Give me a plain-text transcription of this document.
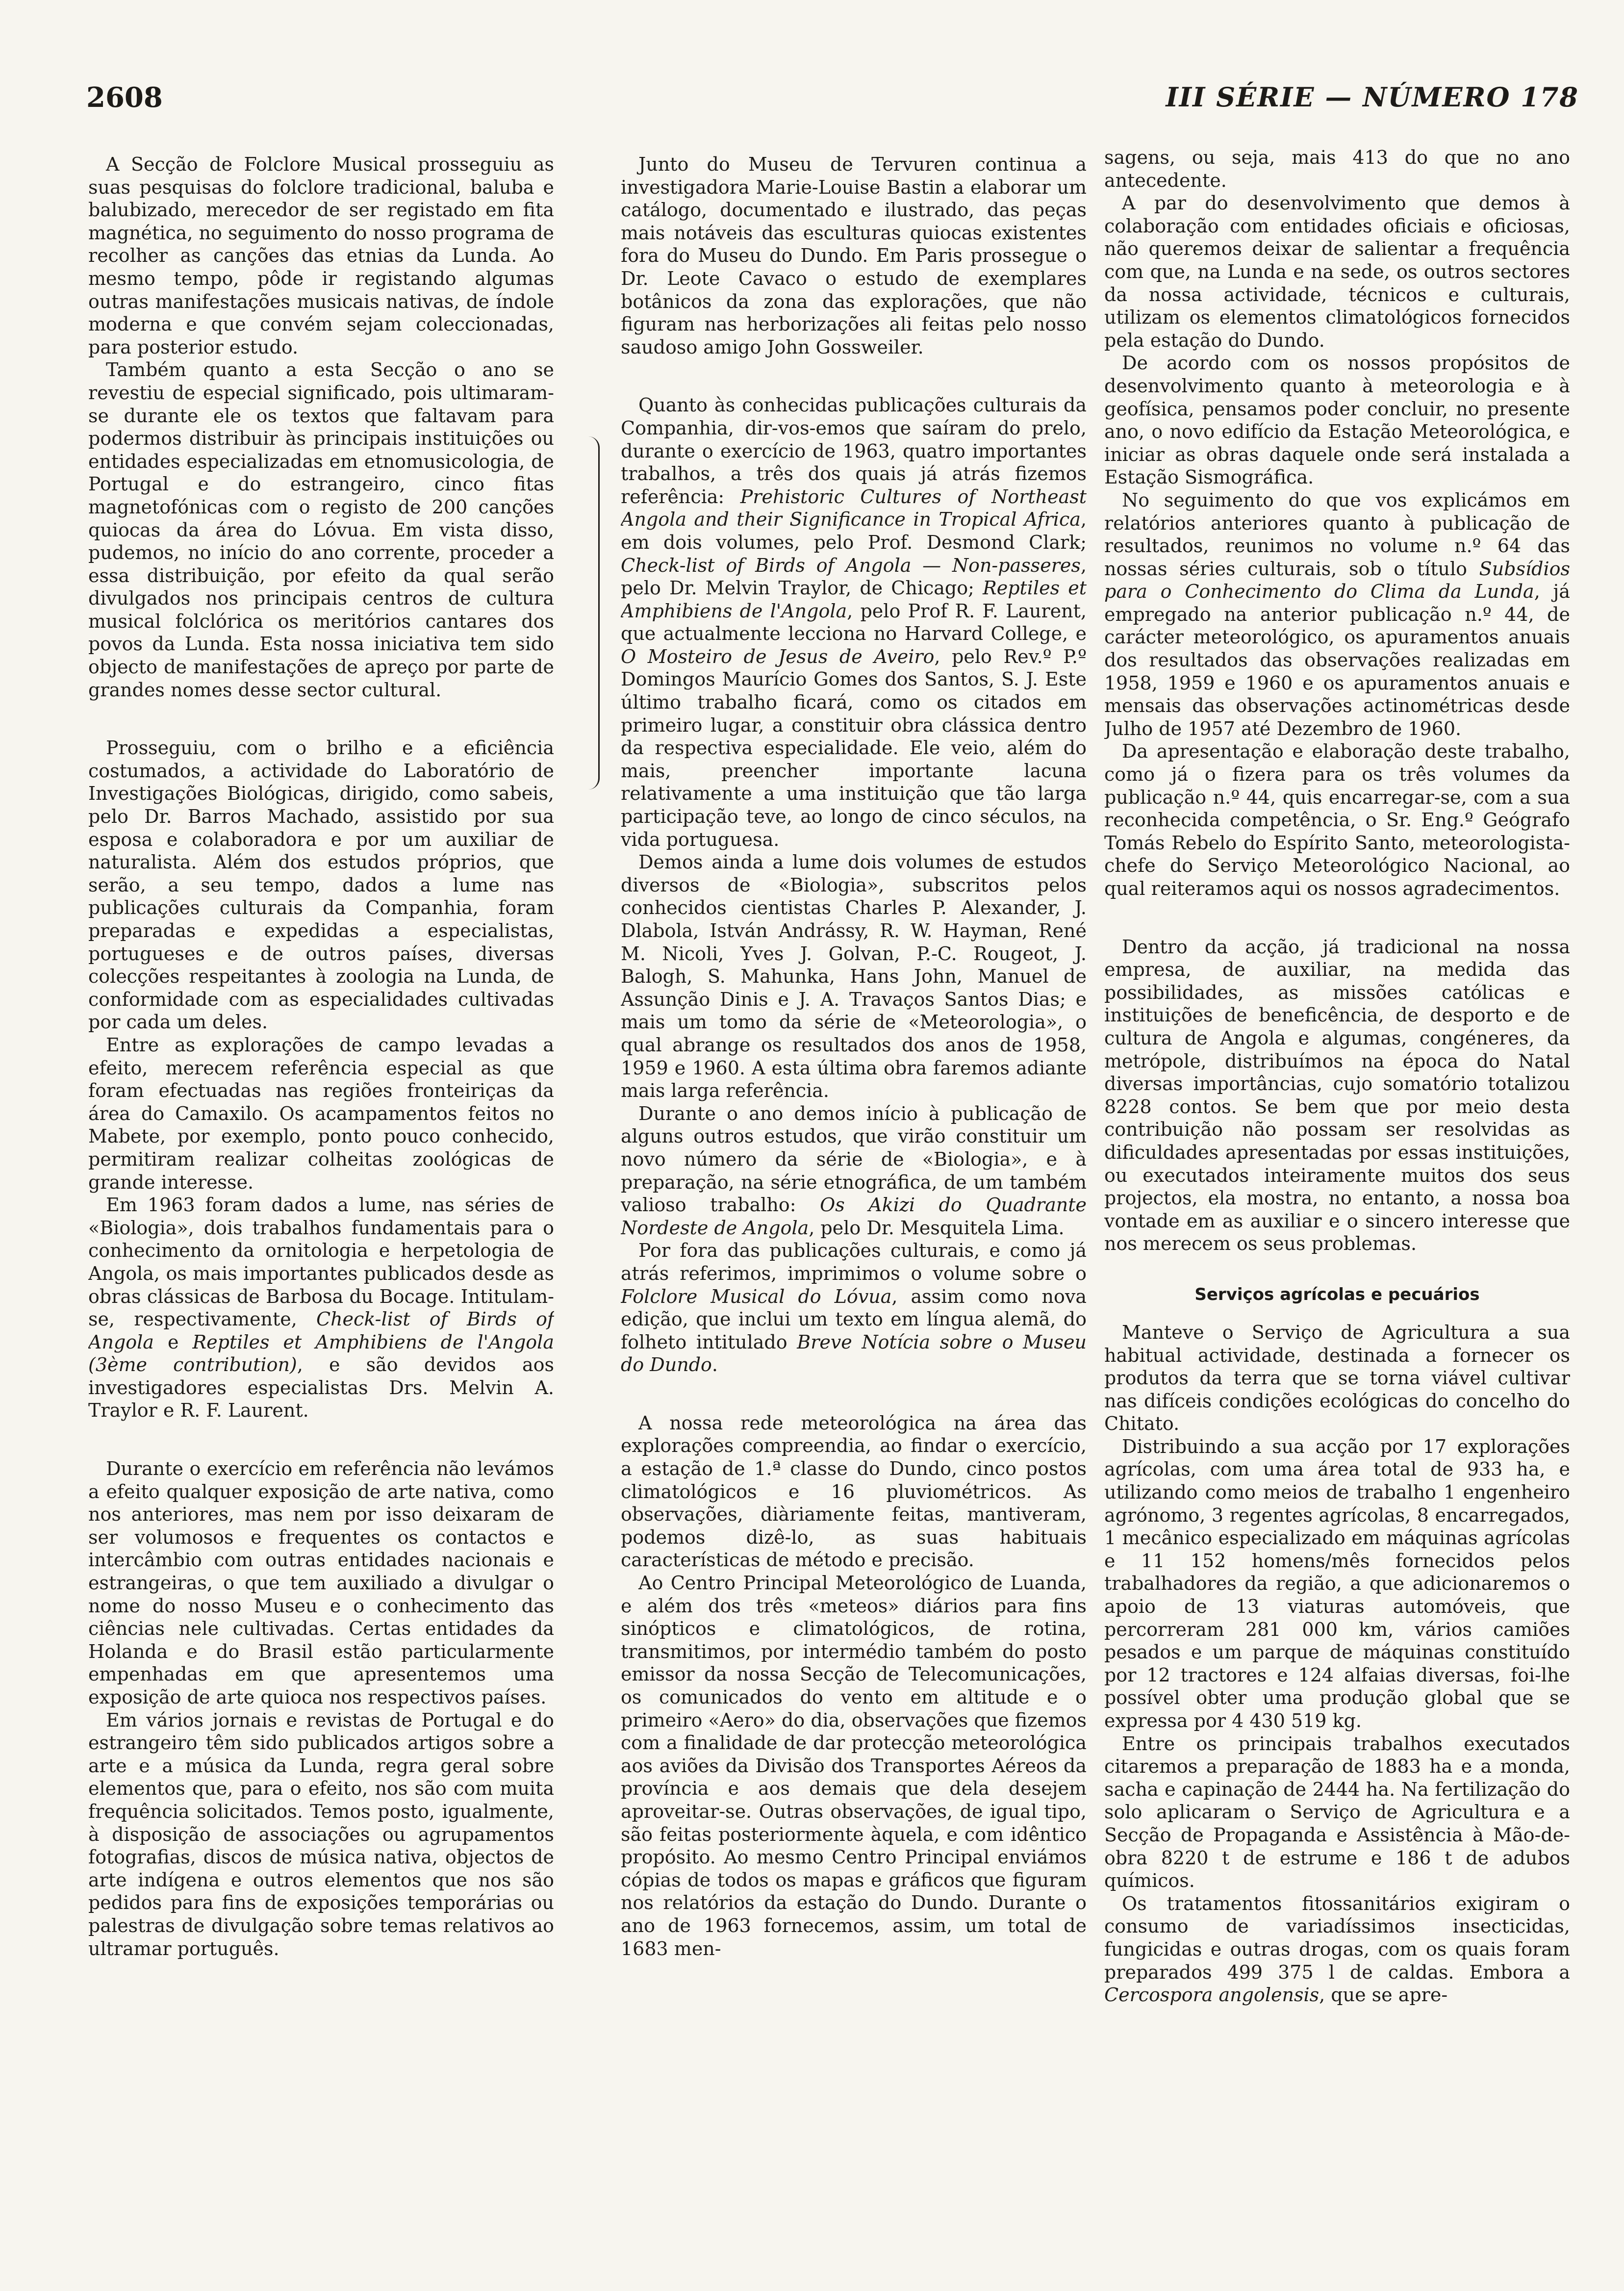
2608	III SÉRIE — NÚMERO 178

A Secção de Folclore Musical prosseguiu as suas pesquisas do folclore tradicional, baluba e balubizado, merecedor de ser registado em fita magnética, no seguimento do nosso programa de recolher as canções das etnias da Lunda. Ao mesmo tempo, pôde ir registando algumas outras manifestações musicais nativas, de índole moderna e que convém sejam coleccionadas, para posterior estudo.

Também quanto a esta Secção o ano se revestiu de especial significado, pois ultimaram-se durante ele os textos que faltavam para podermos distribuir às principais instituições ou entidades especializadas em etnomusicologia, de Portugal e do estrangeiro, cinco fitas magnetofónicas com o registo de 200 canções quiocas da área do Lóvua. Em vista disso, pudemos, no início do ano corrente, proceder a essa distribuição, por efeito da qual serão divulgados nos principais centros de cultura musical folclórica os meritórios cantares dos povos da Lunda. Esta nossa iniciativa tem sido objecto de manifestações de apreço por parte de grandes nomes desse sector cultural.

Prosseguiu, com o brilho e a eficiência costumados, a actividade do Laboratório de Investigações Biológicas, dirigido, como sabeis, pelo Dr. Barros Machado, assistido por sua esposa e colaboradora e por um auxiliar de naturalista. Além dos estudos próprios, que serão, a seu tempo, dados a lume nas publicações culturais da Companhia, foram preparadas e expedidas a especialistas, portugueses e de outros países, diversas colecções respeitantes à zoologia na Lunda, de conformidade com as especialidades cultivadas por cada um deles.

Entre as explorações de campo levadas a efeito, merecem referência especial as que foram efectuadas nas regiões fronteiriças da área do Camaxilo. Os acampamentos feitos no Mabete, por exemplo, ponto pouco conhecido, permitiram realizar colheitas zoológicas de grande interesse.

Em 1963 foram dados a lume, nas séries de «Biologia», dois trabalhos fundamentais para o conhecimento da ornitologia e herpetologia de Angola, os mais importantes publicados desde as obras clássicas de Barbosa du Bocage. Intitulam-se, respectivamente, Check-list of Birds of Angola e Reptiles et Amphibiens de l'Angola (3ème contribution), e são devidos aos investigadores especialistas Drs. Melvin A. Traylor e R. F. Laurent.

Durante o exercício em referência não levámos a efeito qualquer exposição de arte nativa, como nos anteriores, mas nem por isso deixaram de ser volumosos e frequentes os contactos e intercâmbio com outras entidades nacionais e estrangeiras, o que tem auxiliado a divulgar o nome do nosso Museu e o conhecimento das ciências nele cultivadas. Certas entidades da Holanda e do Brasil estão particularmente empenhadas em que apresentemos uma exposição de arte quioca nos respectivos países.

Em vários jornais e revistas de Portugal e do estrangeiro têm sido publicados artigos sobre a arte e a música da Lunda, regra geral sobre elementos que, para o efeito, nos são com muita frequência solicitados. Temos posto, igualmente, à disposição de associações ou agrupamentos fotografias, discos de música nativa, objectos de arte indígena e outros elementos que nos são pedidos para fins de exposições temporárias ou palestras de divulgação sobre temas relativos ao ultramar português.

Junto do Museu de Tervuren continua a investigadora Marie-Louise Bastin a elaborar um catálogo, documentado e ilustrado, das peças mais notáveis das esculturas quiocas existentes fora do Museu do Dundo. Em Paris prossegue o Dr. Leote Cavaco o estudo de exemplares botânicos da zona das explorações, que não figuram nas herborizações ali feitas pelo nosso saudoso amigo John Gossweiler.

Quanto às conhecidas publicações culturais da Companhia, dir-vos-emos que saíram do prelo, durante o exercício de 1963, quatro importantes trabalhos, a três dos quais já atrás fizemos referência: Prehistoric Cultures of Northeast Angola and their Significance in Tropical Africa, em dois volumes, pelo Prof. Desmond Clark; Check-list of Birds of Angola — Non-passeres, pelo Dr. Melvin Traylor, de Chicago; Reptiles et Amphibiens de l'Angola, pelo Prof R. F. Laurent, que actualmente lecciona no Harvard College, e O Mosteiro de Jesus de Aveiro, pelo Rev.º P.º Domingos Maurício Gomes dos Santos, S. J. Este último trabalho ficará, como os citados em primeiro lugar, a constituir obra clássica dentro da respectiva especialidade. Ele veio, além do mais, preencher importante lacuna relativamente a uma instituição que tão larga participação teve, ao longo de cinco séculos, na vida portuguesa.

Demos ainda a lume dois volumes de estudos diversos de «Biologia», subscritos pelos conhecidos cientistas Charles P. Alexander, J. Dlabola, István Andrássy, R. W. Hayman, René M. Nicoli, Yves J. Golvan, P.-C. Rougeot, J. Balogh, S. Mahunka, Hans John, Manuel de Assunção Dinis e J. A. Travaços Santos Dias; e mais um tomo da série de «Meteorologia», o qual abrange os resultados dos anos de 1958, 1959 e 1960. A esta última obra faremos adiante mais larga referência.

Durante o ano demos início à publicação de alguns outros estudos, que virão constituir um novo número da série de «Biologia», e à preparação, na série etnográfica, de um também valioso trabalho: Os Akizi do Quadrante Nordeste de Angola, pelo Dr. Mesquitela Lima.

Por fora das publicações culturais, e como já atrás referimos, imprimimos o volume sobre o Folclore Musical do Lóvua, assim como nova edição, que inclui um texto em língua alemã, do folheto intitulado Breve Notícia sobre o Museu do Dundo.

A nossa rede meteorológica na área das explorações compreendia, ao findar o exercício, a estação de 1.ª classe do Dundo, cinco postos climatológicos e 16 pluviométricos. As observações, diàriamente feitas, mantiveram, podemos dizê-lo, as suas habituais características de método e precisão.

Ao Centro Principal Meteorológico de Luanda, e além dos três «meteos» diários para fins sinópticos e climatológicos, de rotina, transmitimos, por intermédio também do posto emissor da nossa Secção de Telecomunicações, os comunicados do vento em altitude e o primeiro «Aero» do dia, observações que fizemos com a finalidade de dar protecção meteorológica aos aviões da Divisão dos Transportes Aéreos da província e aos demais que dela desejem aproveitar-se. Outras observações, de igual tipo, são feitas posteriormente àquela, e com idêntico propósito. Ao mesmo Centro Principal enviámos cópias de todos os mapas e gráficos que figuram nos relatórios da estação do Dundo. Durante o ano de 1963 fornecemos, assim, um total de 1683 men-

sagens, ou seja, mais 413 do que no ano antecedente.

A par do desenvolvimento que demos à colaboração com entidades oficiais e oficiosas, não queremos deixar de salientar a frequência com que, na Lunda e na sede, os outros sectores da nossa actividade, técnicos e culturais, utilizam os elementos climatológicos fornecidos pela estação do Dundo.

De acordo com os nossos propósitos de desenvolvimento quanto à meteorologia e à geofísica, pensamos poder concluir, no presente ano, o novo edifício da Estação Meteorológica, e iniciar as obras daquele onde será instalada a Estação Sismográfica.

No seguimento do que vos explicámos em relatórios anteriores quanto à publicação de resultados, reunimos no volume n.º 64 das nossas séries culturais, sob o título Subsídios para o Conhecimento do Clima da Lunda, já empregado na anterior publicação n.º 44, de carácter meteorológico, os apuramentos anuais dos resultados das observações realizadas em 1958, 1959 e 1960 e os apuramentos anuais e mensais das observações actinométricas desde Julho de 1957 até Dezembro de 1960.

Da apresentação e elaboração deste trabalho, como já o fizera para os três volumes da publicação n.º 44, quis encarregar-se, com a sua reconhecida competência, o Sr. Eng.º Geógrafo Tomás Rebelo do Espírito Santo, meteorologista-chefe do Serviço Meteorológico Nacional, ao qual reiteramos aqui os nossos agradecimentos.

Dentro da acção, já tradicional na nossa empresa, de auxiliar, na medida das possibilidades, as missões católicas e instituições de beneficência, de desporto e de cultura de Angola e algumas, congéneres, da metrópole, distribuímos na época do Natal diversas importâncias, cujo somatório totalizou 8228 contos. Se bem que por meio desta contribuição não possam ser resolvidas as dificuldades apresentadas por essas instituições, ou executados inteiramente muitos dos seus projectos, ela mostra, no entanto, a nossa boa vontade em as auxiliar e o sincero interesse que nos merecem os seus problemas.

Serviços agrícolas e pecuários

Manteve o Serviço de Agricultura a sua habitual actividade, destinada a fornecer os produtos da terra que se torna viável cultivar nas difíceis condições ecológicas do concelho do Chitato.

Distribuindo a sua acção por 17 explorações agrícolas, com uma área total de 933 ha, e utilizando como meios de trabalho 1 engenheiro agrónomo, 3 regentes agrícolas, 8 encarregados, 1 mecânico especializado em máquinas agrícolas e 11 152 homens/mês fornecidos pelos trabalhadores da região, a que adicionaremos o apoio de 13 viaturas automóveis, que percorreram 281 000 km, vários camiões pesados e um parque de máquinas constituído por 12 tractores e 124 alfaias diversas, foi-lhe possível obter uma produção global que se expressa por 4 430 519 kg.

Entre os principais trabalhos executados citaremos a preparação de 1883 ha e a monda, sacha e capinação de 2444 ha. Na fertilização do solo aplicaram o Serviço de Agricultura e a Secção de Propaganda e Assistência à Mão-de-obra 8220 t de estrume e 186 t de adubos químicos.

Os tratamentos fitossanitários exigiram o consumo de variadíssimos insecticidas, fungicidas e outras drogas, com os quais foram preparados 499 375 l de caldas. Embora a Cercospora angolensis, que se apre-
